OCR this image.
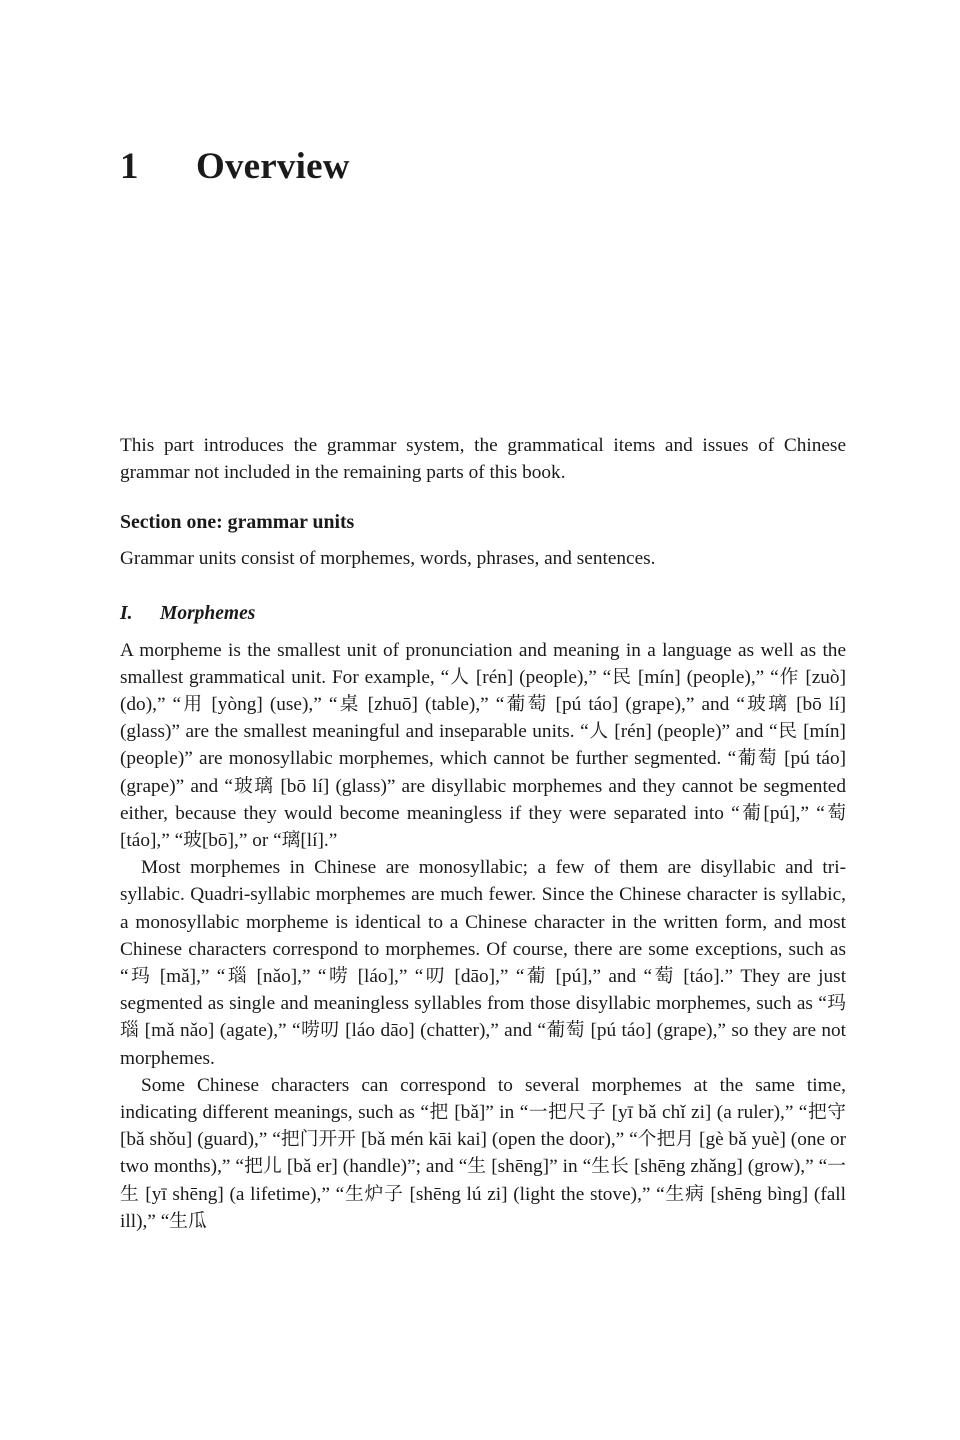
1 Overview

This part introduces the grammar system, the grammatical items and issues of Chinese grammar not included in the remaining parts of this book.

Section one: grammar units

Grammar units consist of morphemes, words, phrases, and sentences.

I. Morphemes

A morpheme is the smallest unit of pronunciation and meaning in a language as well as the smallest grammatical unit. For example, “人 [rén] (people),” “民 [mín] (people),” “作 [zuò] (do),” “用 [yòng] (use),” “桌 [zhuō] (table),” “葡萄 [pú táo] (grape),” and “玻璃 [bō lí] (glass)” are the smallest meaningful and inseparable units. “人 [rén] (people)” and “民 [mín] (people)” are monosyllabic morphemes, which cannot be further segmented. “葡萄 [pú táo] (grape)” and “玻璃 [bō lí] (glass)” are disyllabic morphemes and they cannot be segmented either, because they would become meaningless if they were separated into “葡[pú],” “萄[táo],” “玻[bō],” or “璃[lí].”

Most morphemes in Chinese are monosyllabic; a few of them are disyllabic and tri-syllabic. Quadri-syllabic morphemes are much fewer. Since the Chinese character is syllabic, a monosyllabic morpheme is identical to a Chinese character in the written form, and most Chinese characters correspond to morphemes. Of course, there are some exceptions, such as “玛 [mǎ],” “瑙 [nǎo],” “唠 [láo],” “叨 [dāo],” “葡 [pú],” and “萄 [táo].” They are just segmented as single and meaningless syllables from those disyllabic morphemes, such as “玛瑙 [mǎ nǎo] (agate),” “唠叨 [láo dāo] (chatter),” and “葡萄 [pú táo] (grape),” so they are not morphemes.

Some Chinese characters can correspond to several morphemes at the same time, indicating different meanings, such as “把 [bǎ]” in “一把尺子 [yī bǎ chǐ zi] (a ruler),” “把守 [bǎ shǒu] (guard),” “把门开开 [bǎ mén kāi kai] (open the door),” “个把月 [gè bǎ yuè] (one or two months),” “把儿 [bǎ er] (handle)”; and “生 [shēng]” in “生长 [shēng zhǎng] (grow),” “一生 [yī shēng] (a lifetime),” “生炉子 [shēng lú zi] (light the stove),” “生病 [shēng bìng] (fall ill),” “生瓜
